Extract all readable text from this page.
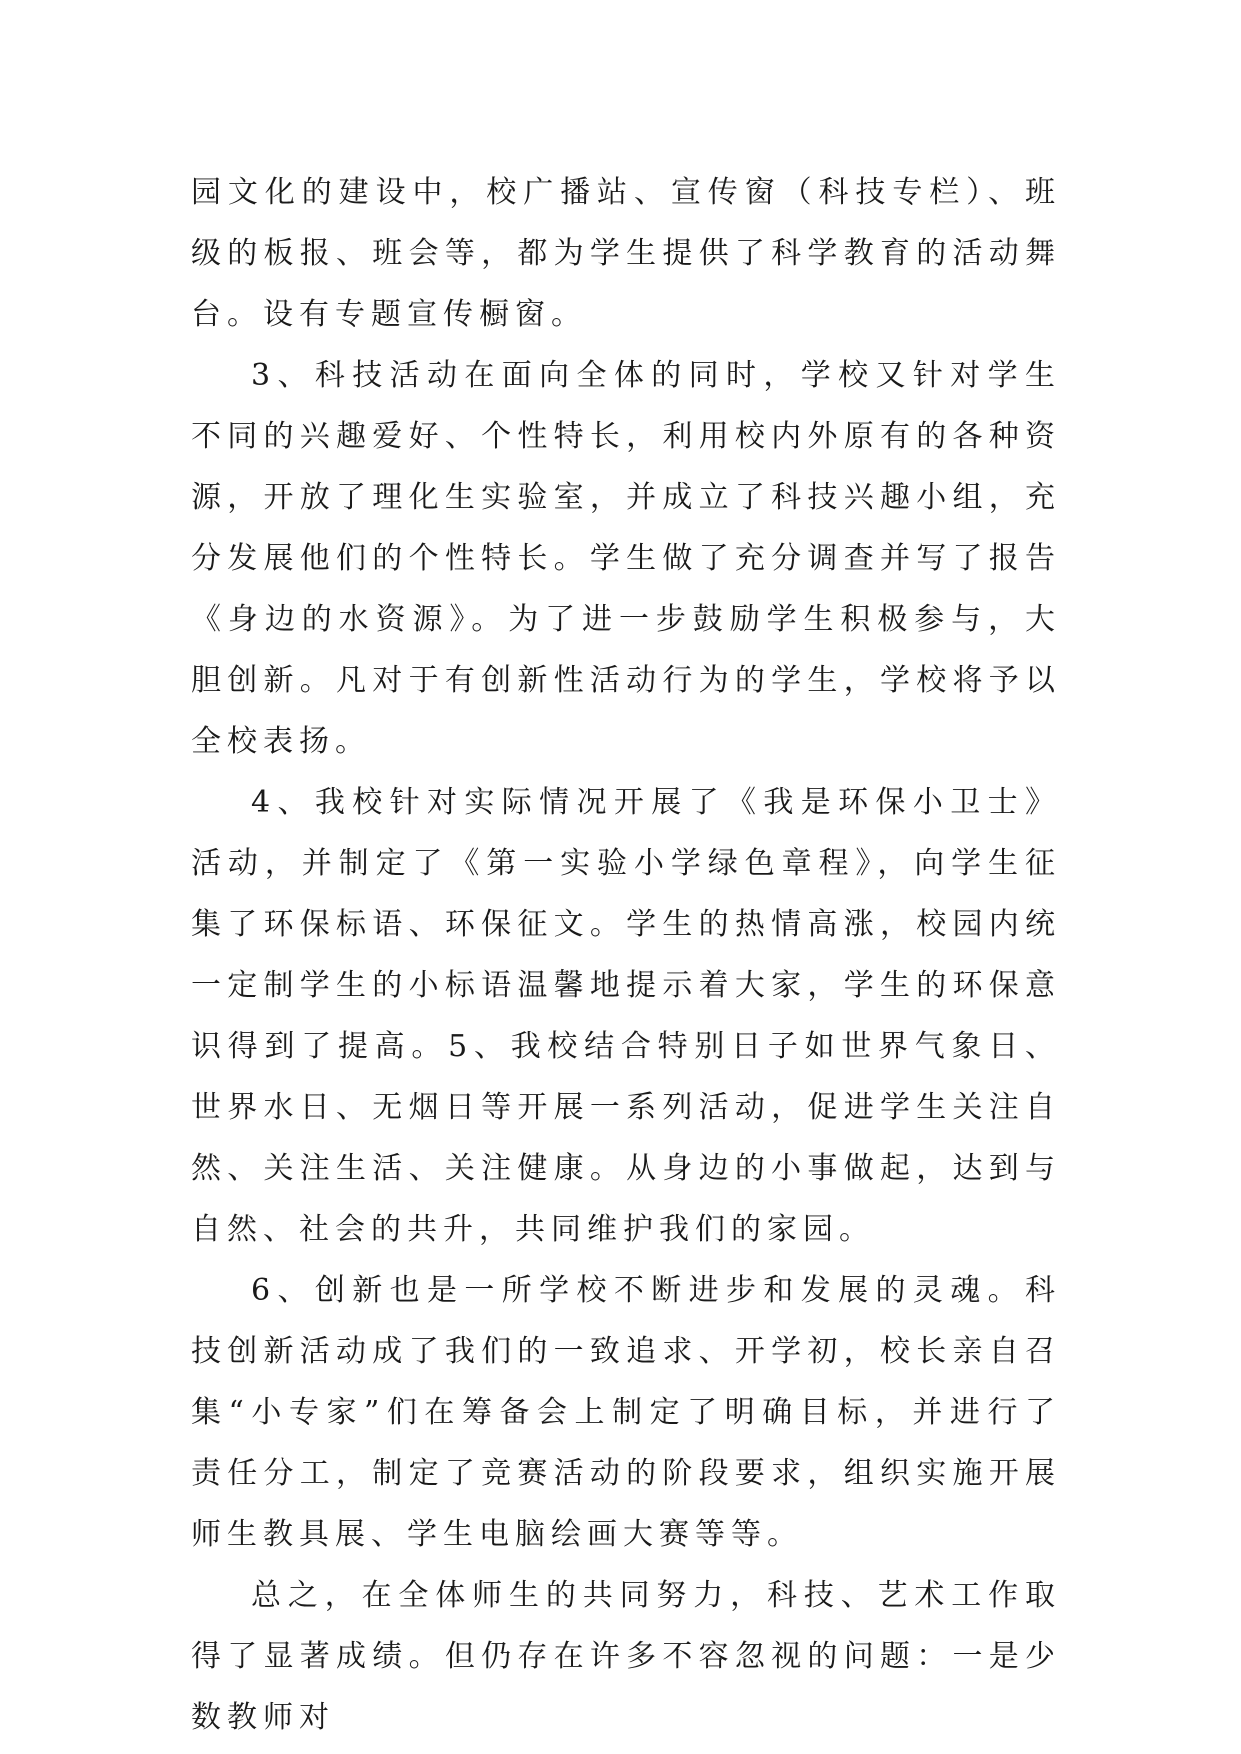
园文化的建设中，校广播站、宣传窗（科技专栏）、班级的板报、班会等，都为学生提供了科学教育的活动舞台。设有专题宣传橱窗。

3、科技活动在面向全体的同时，学校又针对学生不同的兴趣爱好、个性特长，利用校内外原有的各种资源，开放了理化生实验室，并成立了科技兴趣小组，充分发展他们的个性特长。学生做了充分调查并写了报告《身边的水资源》。为了进一步鼓励学生积极参与，大胆创新。凡对于有创新性活动行为的学生，学校将予以全校表扬。

4、我校针对实际情况开展了《我是环保小卫士》活动，并制定了《第一实验小学绿色章程》，向学生征集了环保标语、环保征文。学生的热情高涨，校园内统一定制学生的小标语温馨地提示着大家，学生的环保意识得到了提高。5、我校结合特别日子如世界气象日、世界水日、无烟日等开展一系列活动，促进学生关注自然、关注生活、关注健康。从身边的小事做起，达到与自然、社会的共升，共同维护我们的家园。

6、创新也是一所学校不断进步和发展的灵魂。科技创新活动成了我们的一致追求、开学初，校长亲自召集“小专家”们在筹备会上制定了明确目标，并进行了责任分工，制定了竞赛活动的阶段要求，组织实施开展师生教具展、学生电脑绘画大赛等等。

总之，在全体师生的共同努力，科技、艺术工作取得了显著成绩。但仍存在许多不容忽视的问题：一是少数教师对
